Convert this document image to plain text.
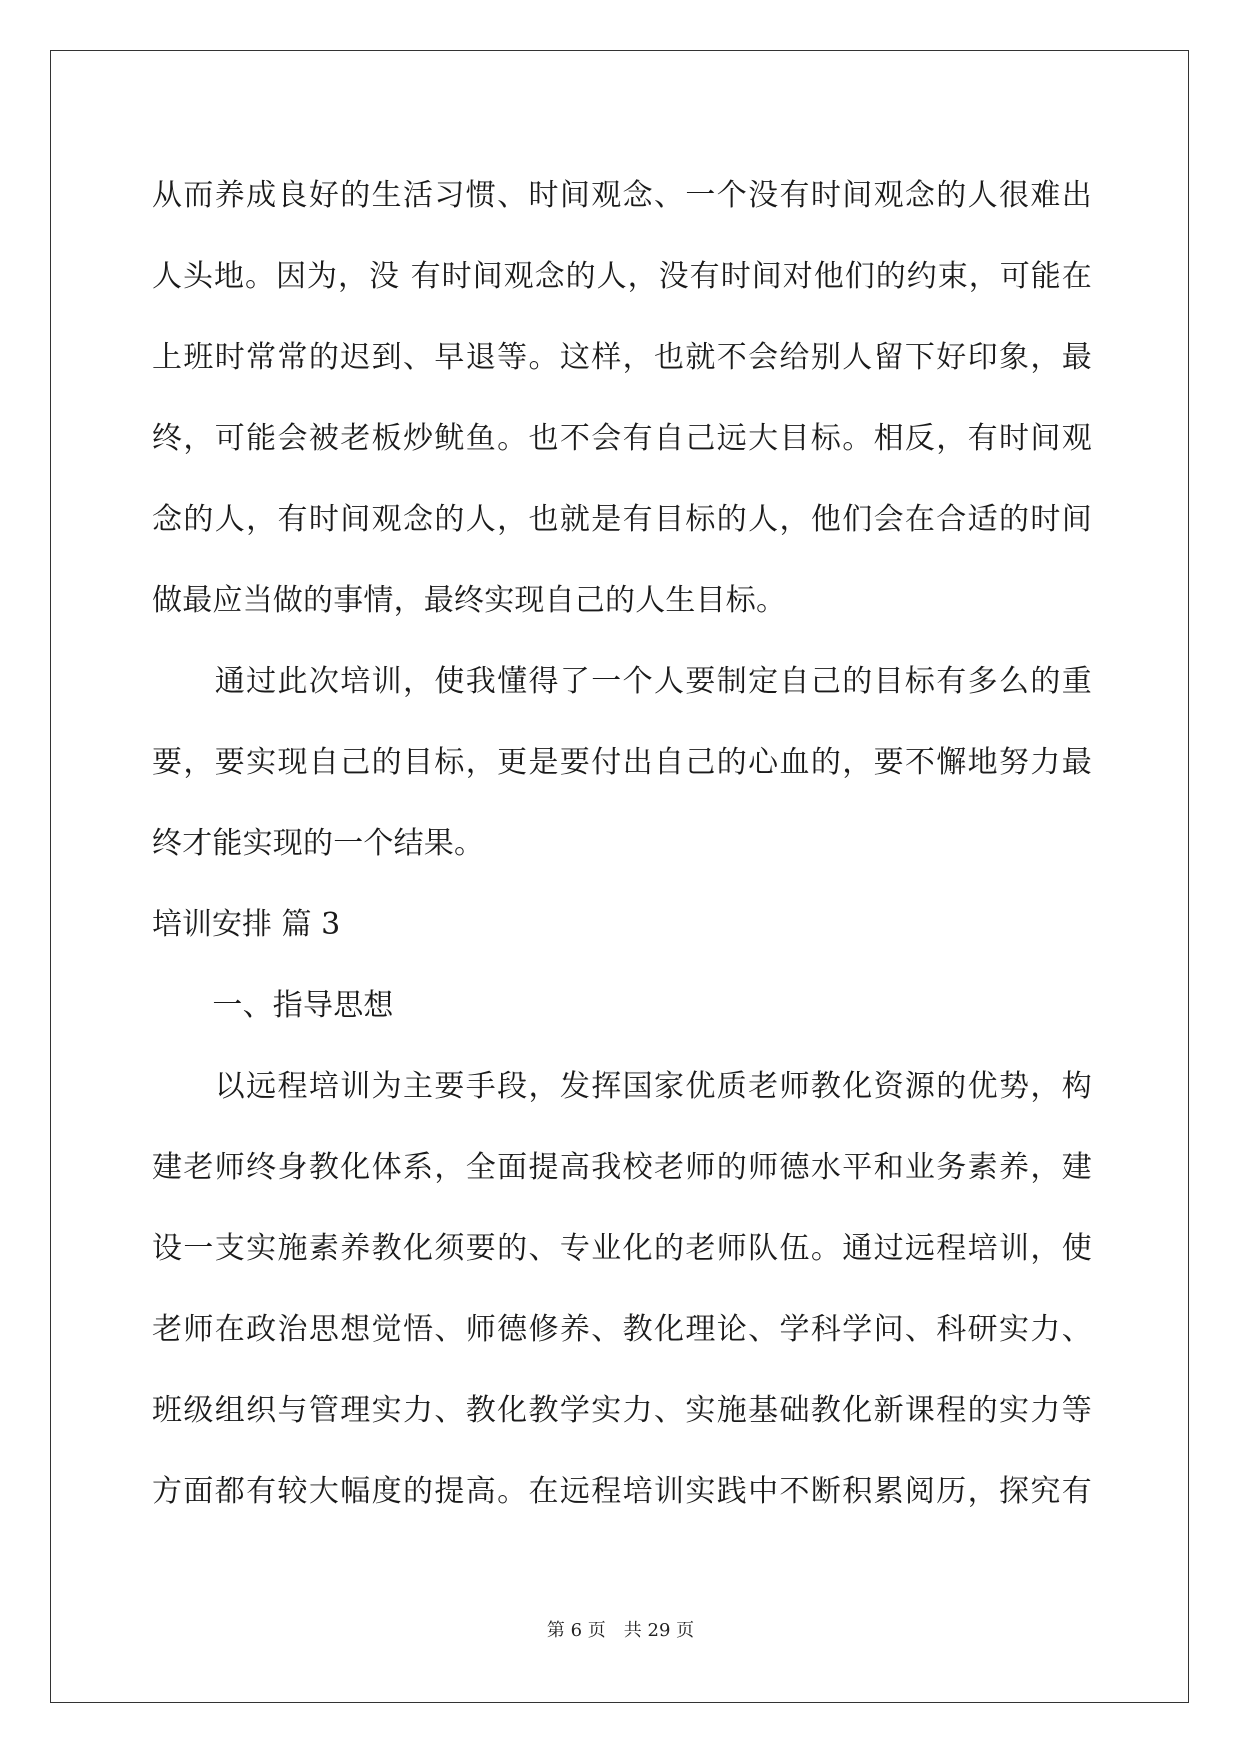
从而养成良好的生活习惯、时间观念、一个没有时间观念的人很难出
人头地。因为，没 有时间观念的人，没有时间对他们的约束，可能在
上班时常常的迟到、早退等。这样，也就不会给别人留下好印象，最
终，可能会被老板炒鱿鱼。也不会有自己远大目标。相反，有时间观
念的人，有时间观念的人，也就是有目标的人，他们会在合适的时间
做最应当做的事情，最终实现自己的人生目标。
　　通过此次培训，使我懂得了一个人要制定自己的目标有多么的重
要，要实现自己的目标，更是要付出自己的心血的，要不懈地努力最
终才能实现的一个结果。
培训安排 篇 3
　　一、指导思想
　　以远程培训为主要手段，发挥国家优质老师教化资源的优势，构
建老师终身教化体系，全面提高我校老师的师德水平和业务素养，建
设一支实施素养教化须要的、专业化的老师队伍。通过远程培训，使
老师在政治思想觉悟、师德修养、教化理论、学科学问、科研实力、
班级组织与管理实力、教化教学实力、实施基础教化新课程的实力等
方面都有较大幅度的提高。在远程培训实践中不断积累阅历，探究有
第 6 页　共 29 页
